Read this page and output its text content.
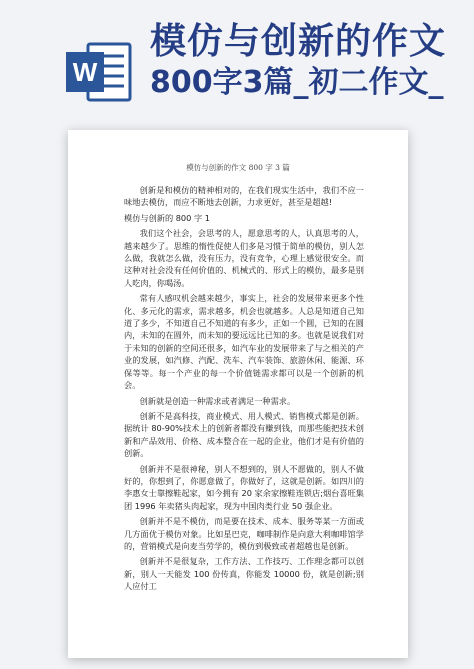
W
模仿与创新的作文
800字3篇_初二作文_
模仿与创新的作文 800 字 3 篇

创新是和模仿的精神相对的，在我们现实生活中，我们不应一味地去模仿，而应不断地去创新，力求更好，甚至是超越!

模仿与创新的 800 字 1

我们这个社会，会思考的人，愿意思考的人，认真思考的人，越来越少了。思维的惰性促使人们多是习惯于简单的模仿，别人怎么做，我就怎么做，没有压力，没有竞争，心理上感觉很安全。而这种对社会没有任何价值的、机械式的、形式上的模仿，最多是别人吃肉，你喝汤。

常有人感叹机会越来越少，事实上，社会的发展带来更多个性化、多元化的需求，需求越多，机会也就越多。人总是知道自己知道了多少，不知道自己不知道的有多少，正如一个圆，已知的在圆内，未知的在圆外，而未知的要远远比已知的多。也就是说我们对于未知的创新的空间还很多，如汽车业的发展带来了与之相关的产业的发展，如汽修、汽配、洗车、汽车装饰、旅游休闲、能源、环保等等。每一个产业的每一个价值链需求都可以是一个创新的机会。

创新就是创造一种需求或者满足一种需求。

创新不是高科技，商业模式、用人模式、销售模式都是创新。据统计 80-90%技术上的创新者都没有赚到钱，而那些能把技术创新和产品效用、价格、成本整合在一起的企业，他们才是有价值的创新。

创新并不是很神秘，别人不想到的，别人不愿做的，别人不做好的，你想到了，你愿意做了，你做好了，这就是创新。如四川的李惠女士靠擦鞋起家，如今拥有 20 家余家擦鞋连锁店;烟台喜旺集团 1996 年卖猪头肉起家，现为中国肉类行业 50 强企业。

创新并不是不模仿，而是要在技术、成本、服务等某一方面或几方面优于模仿对象。比如星巴克，咖啡制作是向意大利咖啡馆学的，营销模式是向麦当劳学的，模仿到极致或者超越也是创新。

创新并不是很复杂，工作方法、工作技巧、工作理念都可以创新，别人一天能发 100 份传真，你能发 10000 份，就是创新;别人应付工
